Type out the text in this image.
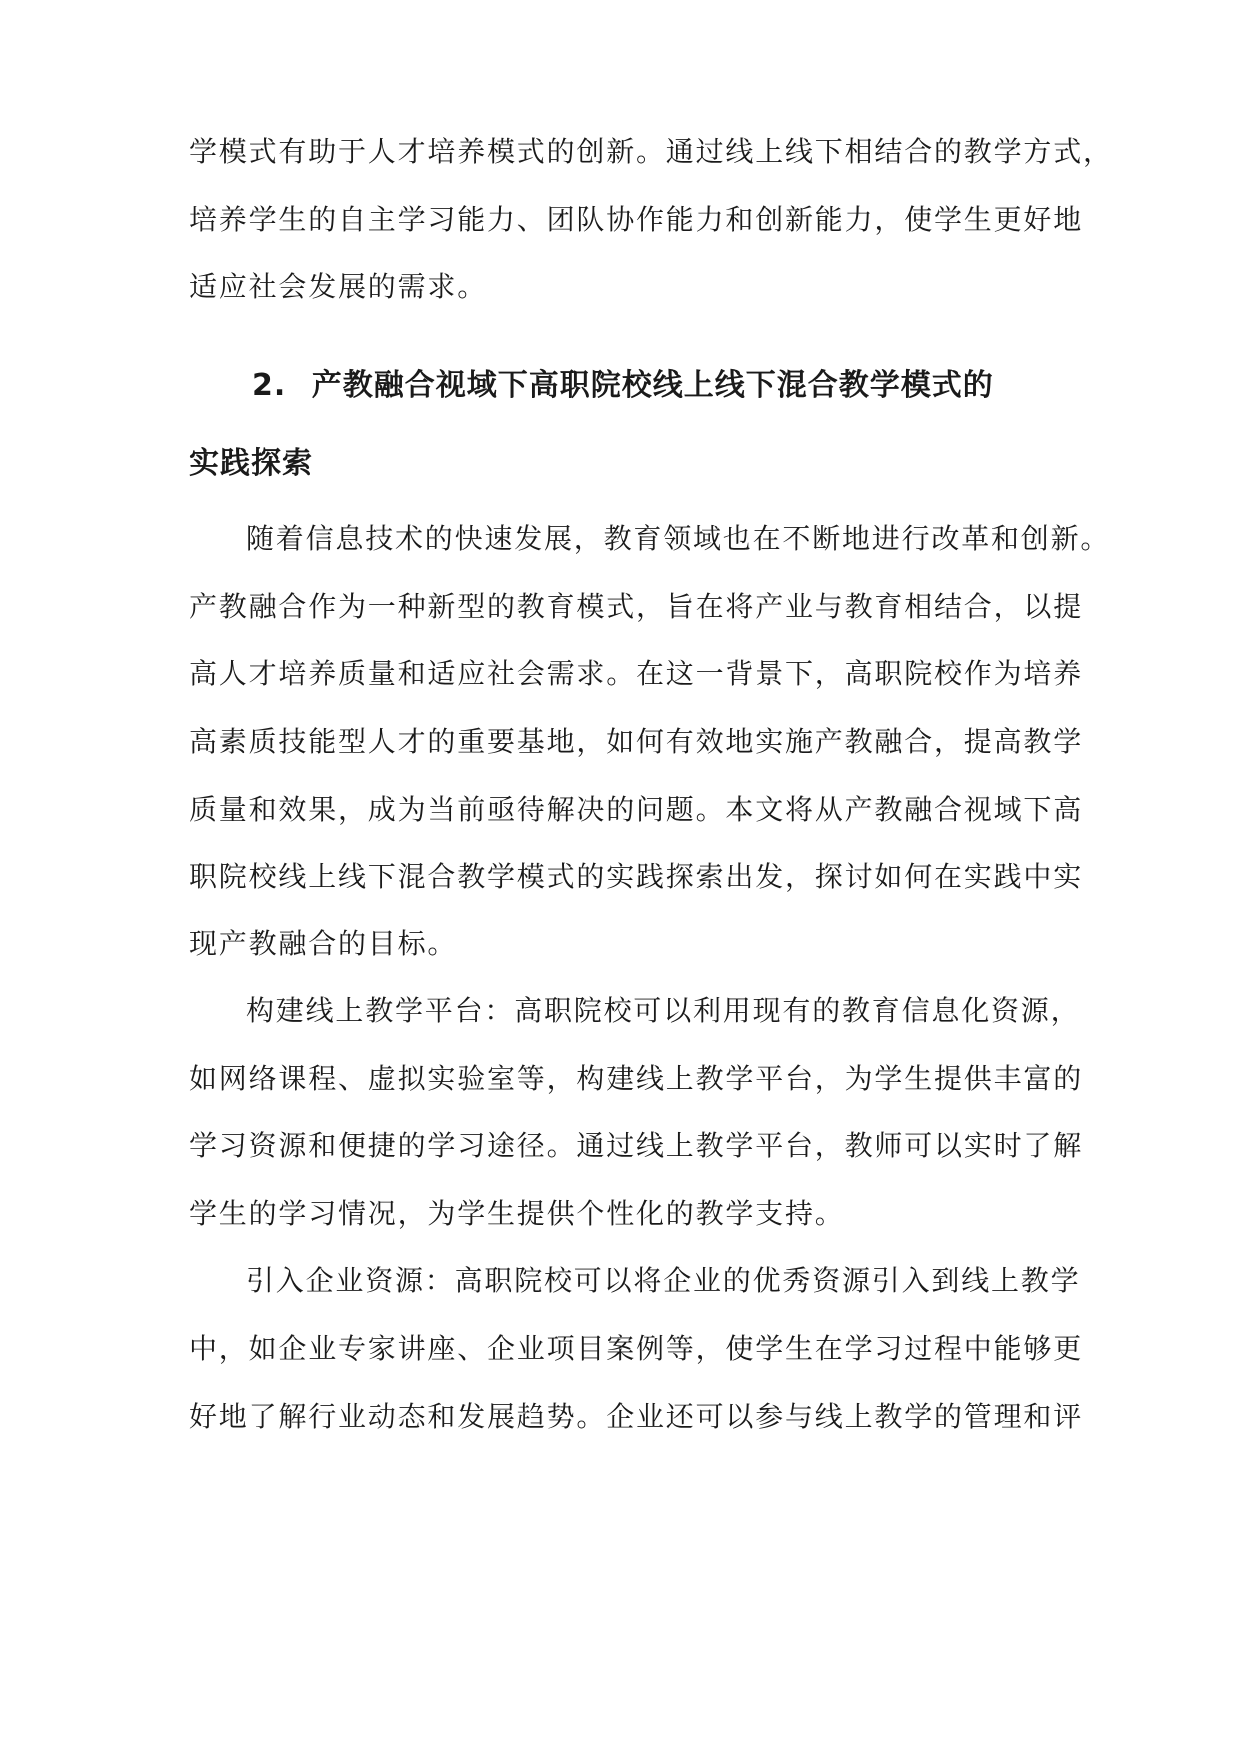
学模式有助于人才培养模式的创新。通过线上线下相结合的教学方式，
培养学生的自主学习能力、团队协作能力和创新能力，使学生更好地
适应社会发展的需求。
2. 产教融合视域下高职院校线上线下混合教学模式的
实践探索
随着信息技术的快速发展，教育领域也在不断地进行改革和创新。
产教融合作为一种新型的教育模式，旨在将产业与教育相结合，以提
高人才培养质量和适应社会需求。在这一背景下，高职院校作为培养
高素质技能型人才的重要基地，如何有效地实施产教融合，提高教学
质量和效果，成为当前亟待解决的问题。本文将从产教融合视域下高
职院校线上线下混合教学模式的实践探索出发，探讨如何在实践中实
现产教融合的目标。
构建线上教学平台：高职院校可以利用现有的教育信息化资源，
如网络课程、虚拟实验室等，构建线上教学平台，为学生提供丰富的
学习资源和便捷的学习途径。通过线上教学平台，教师可以实时了解
学生的学习情况，为学生提供个性化的教学支持。
引入企业资源：高职院校可以将企业的优秀资源引入到线上教学
中，如企业专家讲座、企业项目案例等，使学生在学习过程中能够更
好地了解行业动态和发展趋势。企业还可以参与线上教学的管理和评
